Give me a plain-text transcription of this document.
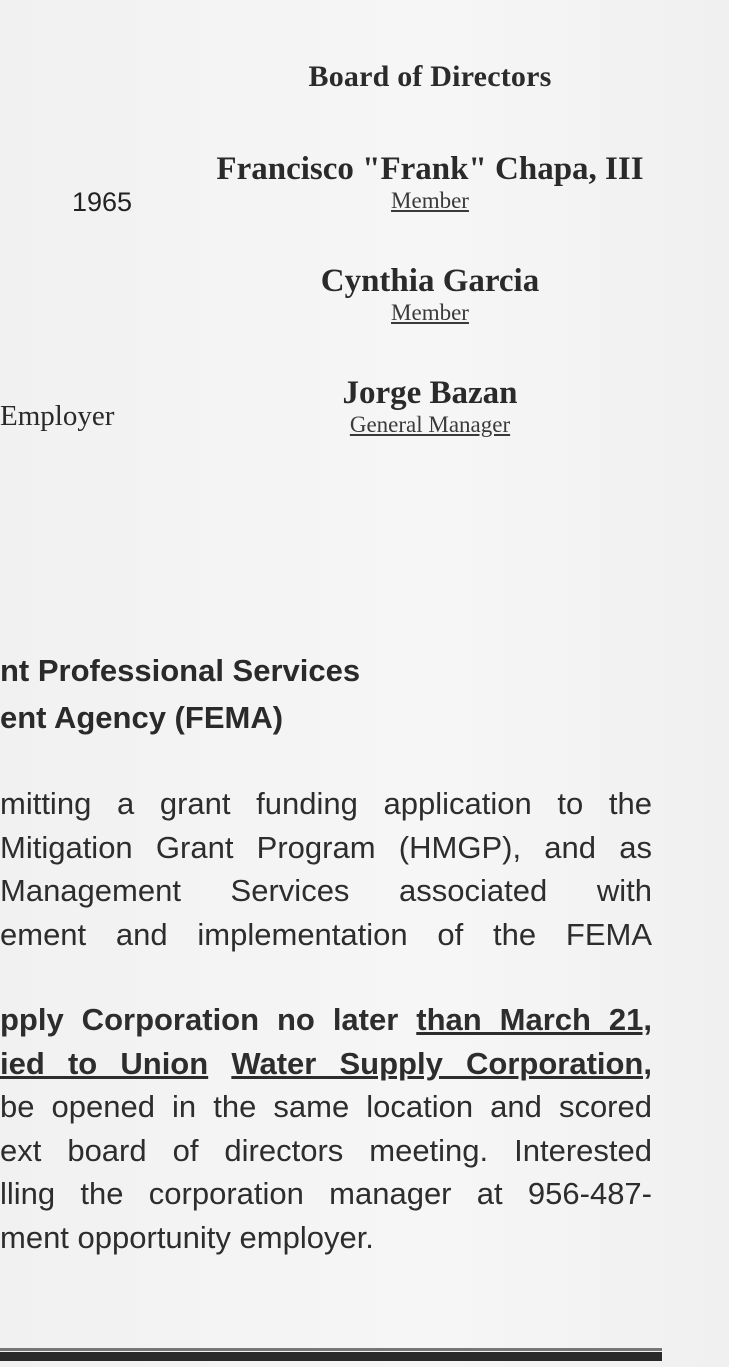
Board of Directors
Francisco "Frank" Chapa, III
Member
Cynthia Garcia
Member
Jorge Bazan
General Manager
1965
Employer
nt Professional Services
ent Agency (FEMA)
mitting a grant funding application to the
Mitigation Grant Program (HMGP), and as
Management Services associated with
ement and implementation of the FEMA
pply Corporation no later than March 21,
ied to Union Water Supply Corporation,
be opened in the same location and scored
ext board of directors meeting. Interested
lling the corporation manager at 956-487-
ment opportunity employer.
